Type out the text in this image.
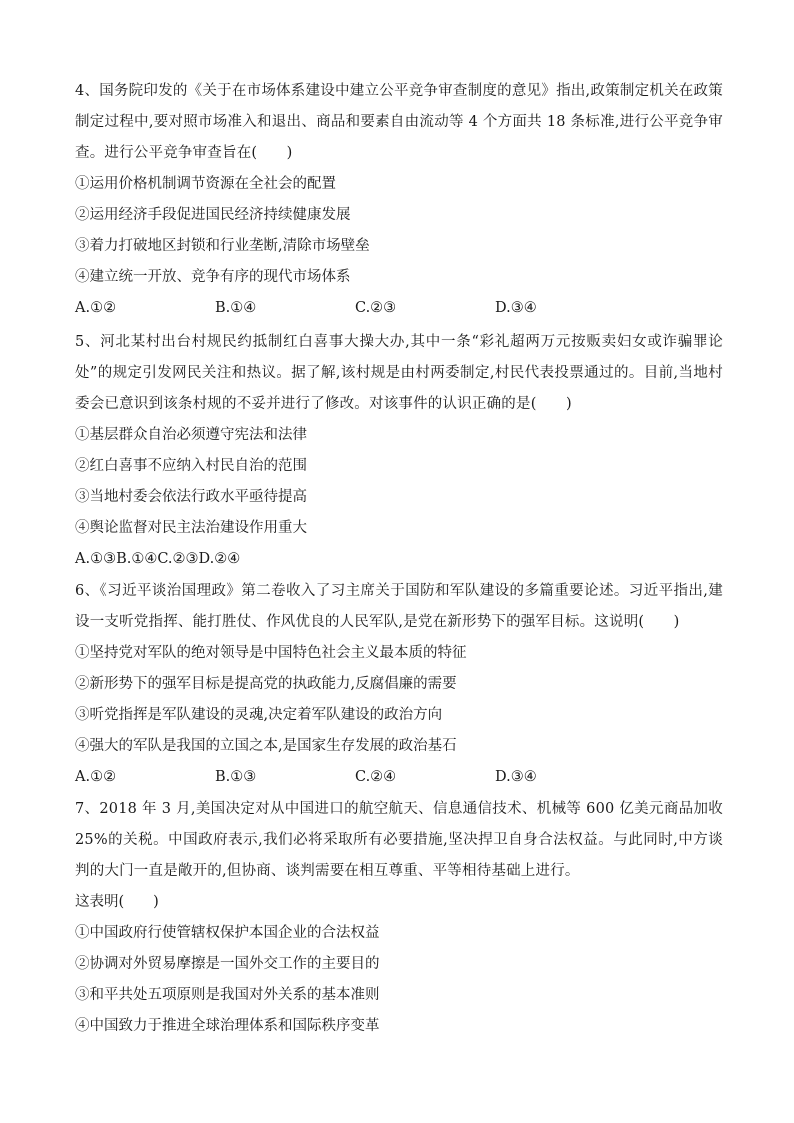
4、国务院印发的《关于在市场体系建设中建立公平竞争审查制度的意见》指出,政策制定机关在政策制定过程中,要对照市场准入和退出、商品和要素自由流动等 4 个方面共 18 条标准,进行公平竞争审查。进行公平竞争审查旨在(　　)
①运用价格机制调节资源在全社会的配置
②运用经济手段促进国民经济持续健康发展
③着力打破地区封锁和行业垄断,清除市场壁垒
④建立统一开放、竞争有序的现代市场体系
A.①②	B.①④	C.②③	D.③④
5、河北某村出台村规民约抵制红白喜事大操大办,其中一条“彩礼超两万元按贩卖妇女或诈骗罪论处”的规定引发网民关注和热议。据了解,该村规是由村两委制定,村民代表投票通过的。目前,当地村委会已意识到该条村规的不妥并进行了修改。对该事件的认识正确的是(　　)
①基层群众自治必须遵守宪法和法律
②红白喜事不应纳入村民自治的范围
③当地村委会依法行政水平亟待提高
④舆论监督对民主法治建设作用重大
A.①③B.①④C.②③D.②④
6、《习近平谈治国理政》第二卷收入了习主席关于国防和军队建设的多篇重要论述。习近平指出,建设一支听党指挥、能打胜仗、作风优良的人民军队,是党在新形势下的强军目标。这说明(　　)
①坚持党对军队的绝对领导是中国特色社会主义最本质的特征
②新形势下的强军目标是提高党的执政能力,反腐倡廉的需要
③听党指挥是军队建设的灵魂,决定着军队建设的政治方向
④强大的军队是我国的立国之本,是国家生存发展的政治基石
A.①②	B.①③	C.②④	D.③④
7、2018 年 3 月,美国决定对从中国进口的航空航天、信息通信技术、机械等 600 亿美元商品加收 25%的关税。中国政府表示,我们必将采取所有必要措施,坚决捍卫自身合法权益。与此同时,中方谈判的大门一直是敞开的,但协商、谈判需要在相互尊重、平等相待基础上进行。
这表明(　　)
①中国政府行使管辖权保护本国企业的合法权益
②协调对外贸易摩擦是一国外交工作的主要目的
③和平共处五项原则是我国对外关系的基本准则
④中国致力于推进全球治理体系和国际秩序变革
